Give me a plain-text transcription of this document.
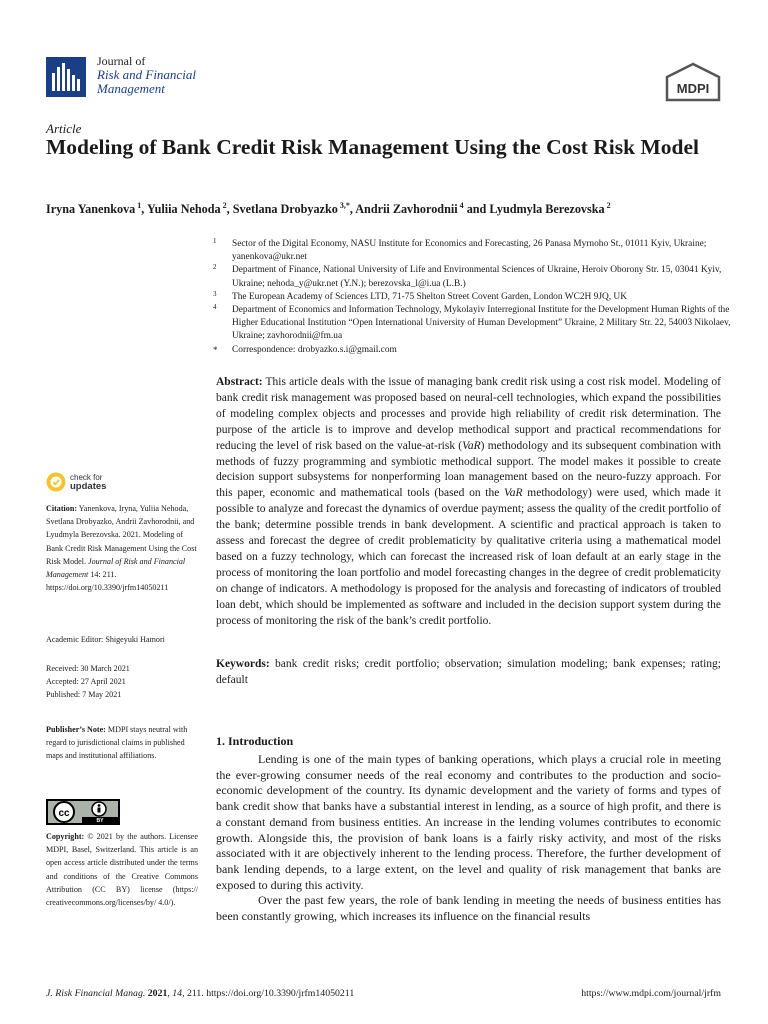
Journal of
Risk and Financial
Management	MDPI
Article
Modeling of Bank Credit Risk Management Using the Cost Risk Model
Iryna Yanenkova $^1$, Yuliia Nehoda $^2$, Svetlana Drobyazko $^{3,*}$, Andrii Zavhorodnii $^4$ and Lyudmyla Berezovska $^2$
1 Sector of the Digital Economy, NASU Institute for Economics and Forecasting, 26 Panasa Myrnoho St., 01011 Kyiv, Ukraine; yanenkova@ukr.net
2 Department of Finance, National University of Life and Environmental Sciences of Ukraine, Heroiv Oborony Str. 15, 03041 Kyiv, Ukraine; nehoda_y@ukr.net (Y.N.); berezovska_l@i.ua (L.B.)
3 The European Academy of Sciences LTD, 71-75 Shelton Street Covent Garden, London WC2H 9JQ, UK
4 Department of Economics and Information Technology, Mykolayiv Interregional Institute for the Development Human Rights of the Higher Educational Institution “Open International University of Human Development” Ukraine, 2 Military Str. 22, 54003 Nikolaev, Ukraine; zavhorodnii@fm.ua
* Correspondence: drobyazko.s.i@gmail.com
Abstract: This article deals with the issue of managing bank credit risk using a cost risk model. Modeling of bank credit risk management was proposed based on neural-cell technologies, which expand the possibilities of modeling complex objects and processes and provide high reliability of credit risk determination. The purpose of the article is to improve and develop methodical support and practical recommendations for reducing the level of risk based on the value-at-risk (VaR) methodology and its subsequent combination with methods of fuzzy programming and symbiotic methodical support. The model makes it possible to create decision support subsystems for nonperforming loan management based on the neuro-fuzzy approach. For this paper, economic and mathematical tools (based on the VaR methodology) were used, which made it possible to analyze and forecast the dynamics of overdue payment; assess the quality of the credit portfolio of the bank; determine possible trends in bank development. A scientific and practical approach is taken to assess and forecast the degree of credit problematicity by qualitative criteria using a mathematical model based on a fuzzy technology, which can forecast the increased risk of loan default at an early stage in the process of monitoring the loan portfolio and model forecasting changes in the degree of credit problematicity on change of indicators. A methodology is proposed for the analysis and forecasting of indicators of troubled loan debt, which should be implemented as software and included in the decision support system during the process of monitoring the risk of the bank’s credit portfolio.
Keywords: bank credit risks; credit portfolio; observation; simulation modeling; bank expenses; rating; default
check for
updates
Citation: Yanenkova, Iryna, Yuliia Nehoda, Svetlana Drobyazko, Andrii Zavhorodnii, and Lyudmyla Berezovska. 2021. Modeling of Bank Credit Risk Management Using the Cost Risk Model. Journal of Risk and Financial Management 14: 211. https://doi.org/10.3390/jrfm14050211
Academic Editor: Shigeyuki Hamori
Received: 30 March 2021
Accepted: 27 April 2021
Published: 7 May 2021
Publisher’s Note: MDPI stays neutral with regard to jurisdictional claims in published maps and institutional affiliations.
cc
BY
Copyright: © 2021 by the authors. Licensee MDPI, Basel, Switzerland. This article is an open access article distributed under the terms and conditions of the Creative Commons Attribution (CC BY) license (https:// creativecommons.org/licenses/by/ 4.0/).
1. Introduction

Lending is one of the main types of banking operations, which plays a crucial role in meeting the ever-growing consumer needs of the real economy and contributes to the production and socio-economic development of the country. Its dynamic development and the variety of forms and types of bank credit show that banks have a substantial interest in lending, as a source of high profit, and there is a constant demand from business entities. An increase in the lending volumes contributes to economic growth. Alongside this, the provision of bank loans is a fairly risky activity, and most of the risks associated with it are objectively inherent to the lending process. Therefore, the further development of bank lending depends, to a large extent, on the level and quality of risk management that banks are exposed to during this activity.

Over the past few years, the role of bank lending in meeting the needs of business entities has been constantly growing, which increases its influence on the financial results

J. Risk Financial Manag. 2021, 14, 211. https://doi.org/10.3390/jrfm14050211	https://www.mdpi.com/journal/jrfm
